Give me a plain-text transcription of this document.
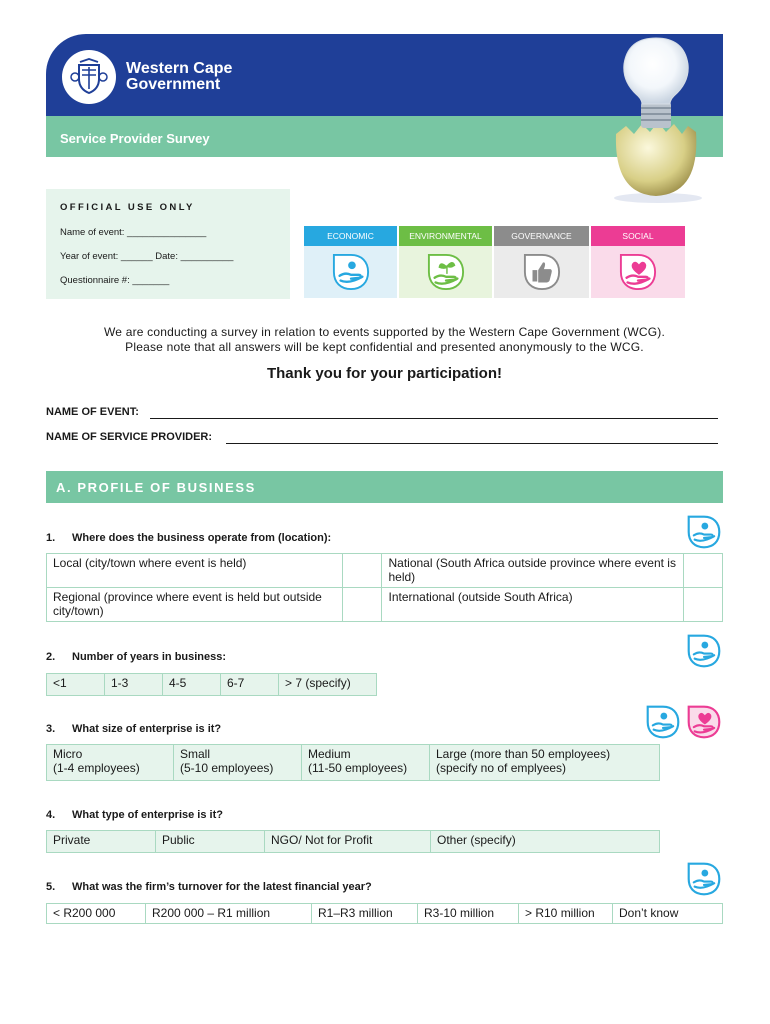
Western Cape
Government
Service Provider Survey
OFFICIAL USE ONLY
Name of event: _______________
Year of event: ______ Date: __________
Questionnaire #: _______
ECONOMIC	ENVIRONMENTAL	GOVERNANCE	SOCIAL
We are conducting a survey in relation to events supported by the Western Cape Government (WCG).
Please note that all answers will be kept confidential and presented anonymously to the WCG.
Thank you for your participation!
NAME OF EVENT:
NAME OF SERVICE PROVIDER:
A. PROFILE OF BUSINESS
1. Where does the business operate from (location):
Local (city/town where event is held)		National (South Africa outside province where event is held)	
Regional (province where event is held but outside city/town)		International (outside South Africa)	
2. Number of years in business:
<1	1-3	4-5	6-7	> 7 (specify)
3. What size of enterprise is it?
Micro
(1-4 employees)

Small
(5-10 employees)

Medium
(11-50 employees)

Large (more than 50 employees)
(specify no of emplyees)
4. What type of enterprise is it?
Private	Public	NGO/ Not for Profit	Other (specify)
5. What was the firm’s turnover for the latest financial year?
< R200 000	R200 000 – R1 million	R1–R3 million	R3-10 million	> R10 million	Don’t know
